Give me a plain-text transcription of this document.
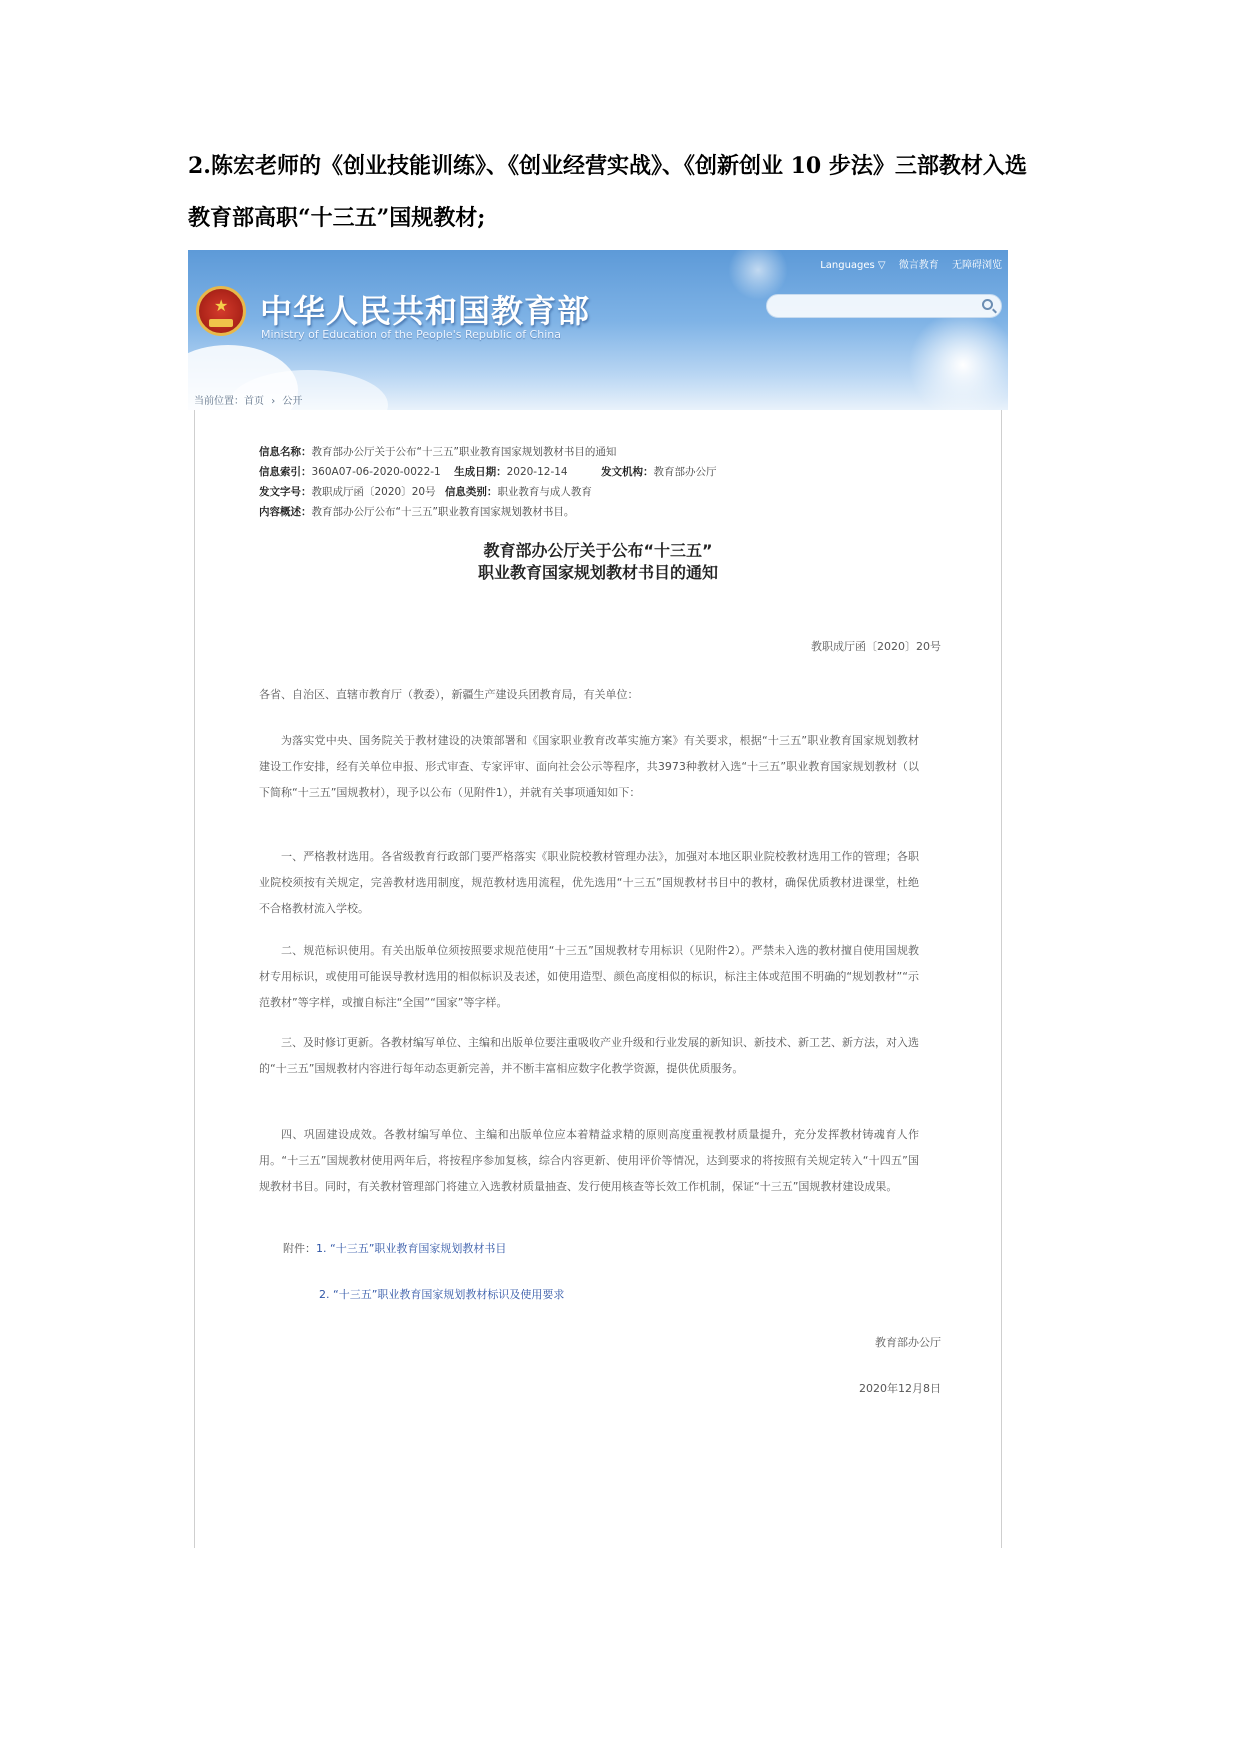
2.陈宏老师的《创业技能训练》、《创业经营实战》、《创新创业 10 步法》三部教材入选
教育部高职“十三五”国规教材;
★ 中华人民共和国教育部
Ministry of Education of the People's Republic of China
Languages ▽ 微言教育 无障碍浏览
当前位置：首页 › 公开
信息名称：教育部办公厅关于公布“十三五”职业教育国家规划教材书目的通知
信息索引：360A07-06-2020-0022-1 生成日期：2020-12-14	发文机构：教育部办公厅
发文字号：教职成厅函〔2020〕20号 信息类别：职业教育与成人教育
内容概述：教育部办公厅公布“十三五”职业教育国家规划教材书目。
教育部办公厅关于公布“十三五”
职业教育国家规划教材书目的通知
教职成厅函〔2020〕20号
各省、自治区、直辖市教育厅（教委），新疆生产建设兵团教育局，有关单位：
为落实党中央、国务院关于教材建设的决策部署和《国家职业教育改革实施方案》有关要求，根据“十三五”职业教育国家规划教材建设工作安排，经有关单位申报、形式审查、专家评审、面向社会公示等程序，共3973种教材入选“十三五”职业教育国家规划教材（以下简称“十三五”国规教材），现予以公布（见附件1），并就有关事项通知如下：
一、严格教材选用。各省级教育行政部门要严格落实《职业院校教材管理办法》，加强对本地区职业院校教材选用工作的管理；各职业院校须按有关规定，完善教材选用制度，规范教材选用流程，优先选用“十三五”国规教材书目中的教材，确保优质教材进课堂，杜绝不合格教材流入学校。
二、规范标识使用。有关出版单位须按照要求规范使用“十三五”国规教材专用标识（见附件2）。严禁未入选的教材擅自使用国规教材专用标识，或使用可能误导教材选用的相似标识及表述，如使用造型、颜色高度相似的标识，标注主体或范围不明确的“规划教材”“示范教材”等字样，或擅自标注“全国”“国家”等字样。
三、及时修订更新。各教材编写单位、主编和出版单位要注重吸收产业升级和行业发展的新知识、新技术、新工艺、新方法，对入选的“十三五”国规教材内容进行每年动态更新完善，并不断丰富相应数字化教学资源，提供优质服务。
四、巩固建设成效。各教材编写单位、主编和出版单位应本着精益求精的原则高度重视教材质量提升，充分发挥教材铸魂育人作用。“十三五”国规教材使用两年后，将按程序参加复核，综合内容更新、使用评价等情况，达到要求的将按照有关规定转入“十四五”国规教材书目。同时，有关教材管理部门将建立入选教材质量抽查、发行使用核查等长效工作机制，保证“十三五”国规教材建设成果。
附件：1. “十三五”职业教育国家规划教材书目
2. “十三五”职业教育国家规划教材标识及使用要求
教育部办公厅
2020年12月8日
